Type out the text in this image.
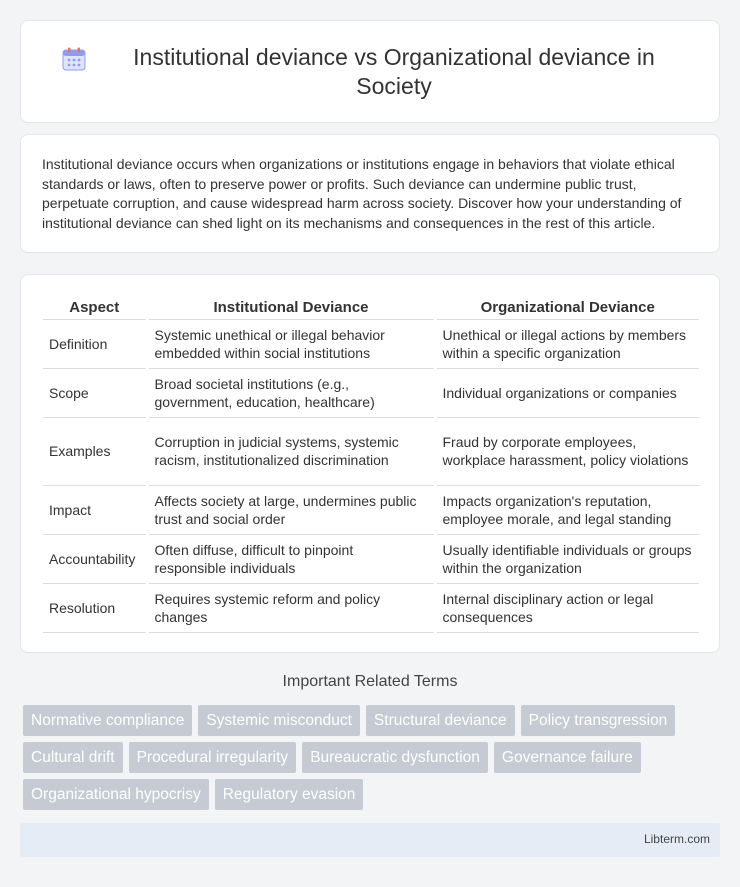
Institutional deviance vs Organizational deviance in Society

Institutional deviance occurs when organizations or institutions engage in behaviors that violate ethical standards or laws, often to preserve power or profits. Such deviance can undermine public trust, perpetuate corruption, and cause widespread harm across society. Discover how your understanding of institutional deviance can shed light on its mechanisms and consequences in the rest of this article.

Aspect	Institutional Deviance	Organizational Deviance
Definition	Systemic unethical or illegal behavior embedded within social institutions	Unethical or illegal actions by members within a specific organization
Scope	Broad societal institutions (e.g., government, education, healthcare)	Individual organizations or companies
Examples	Corruption in judicial systems, systemic racism, institutionalized discrimination	Fraud by corporate employees, workplace harassment, policy violations
Impact	Affects society at large, undermines public trust and social order	Impacts organization's reputation, employee morale, and legal standing
Accountability	Often diffuse, difficult to pinpoint responsible individuals	Usually identifiable individuals or groups within the organization
Resolution	Requires systemic reform and policy changes	Internal disciplinary action or legal consequences
Important Related Terms
Normative compliance	Systemic misconduct	Structural deviance	Policy transgression
Cultural drift	Procedural irregularity	Bureaucratic dysfunction	Governance failure
Organizational hypocrisy	Regulatory evasion
Libterm.com
